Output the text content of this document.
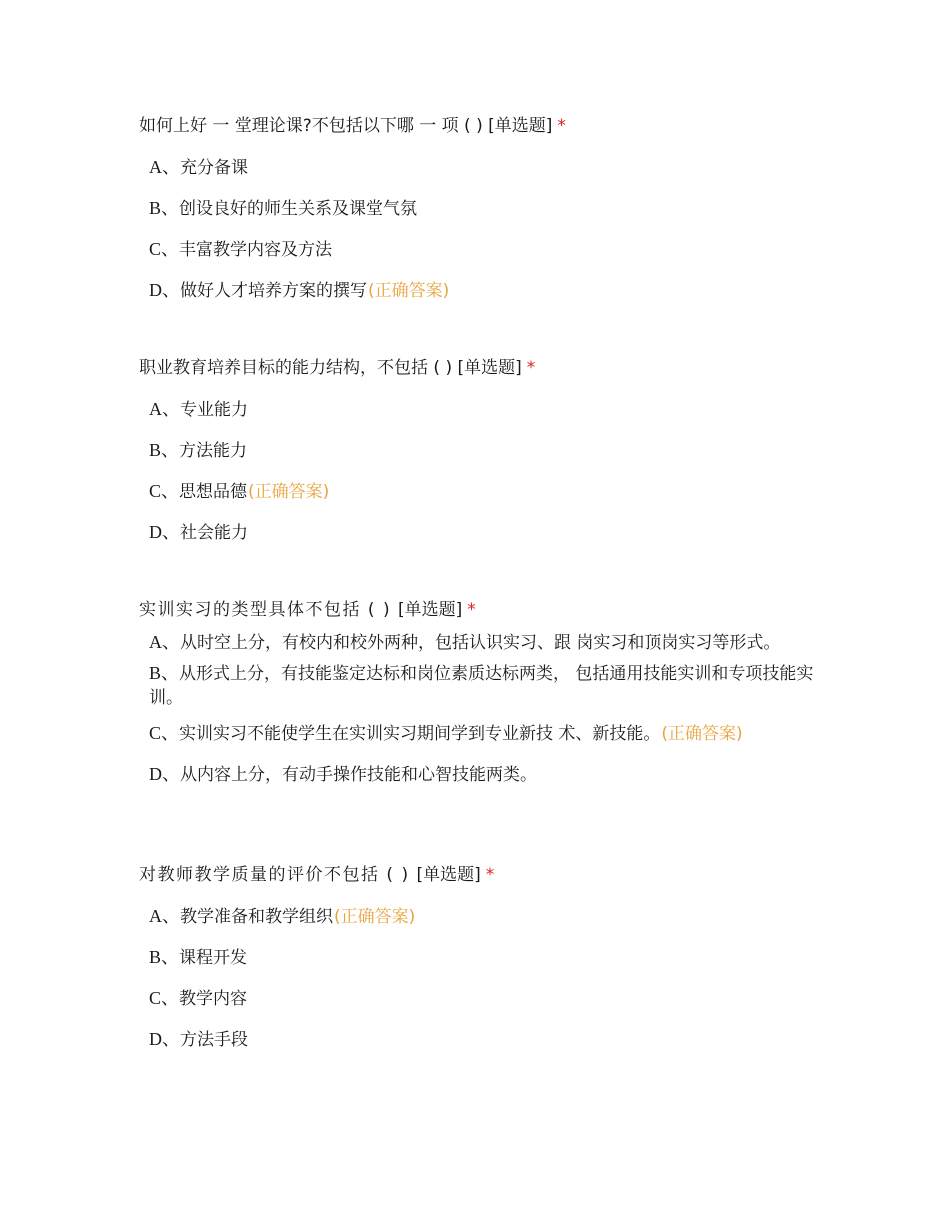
如何上好 一 堂理论课?不包括以下哪 一 项 ( ) [单选题] *
A、充分备课
B、创设良好的师生关系及课堂气氛
C、丰富教学内容及方法
D、做好人才培养方案的撰写(正确答案)
职业教育培养目标的能力结构，不包括 ( ) [单选题] *
A、专业能力
B、方法能力
C、思想品德(正确答案)
D、社会能力
实训实习的类型具体不包括 ( ) [单选题] *
A、从时空上分，有校内和校外两种，包括认识实习、跟 岗实习和顶岗实习等形式。
B、从形式上分，有技能鉴定达标和岗位素质达标两类， 包括通用技能实训和专项技能实训。
C、实训实习不能使学生在实训实习期间学到专业新技 术、新技能。(正确答案)
D、从内容上分，有动手操作技能和心智技能两类。
对教师教学质量的评价不包括 ( ) [单选题] *
A、教学准备和教学组织(正确答案)
B、课程开发
C、教学内容
D、方法手段
